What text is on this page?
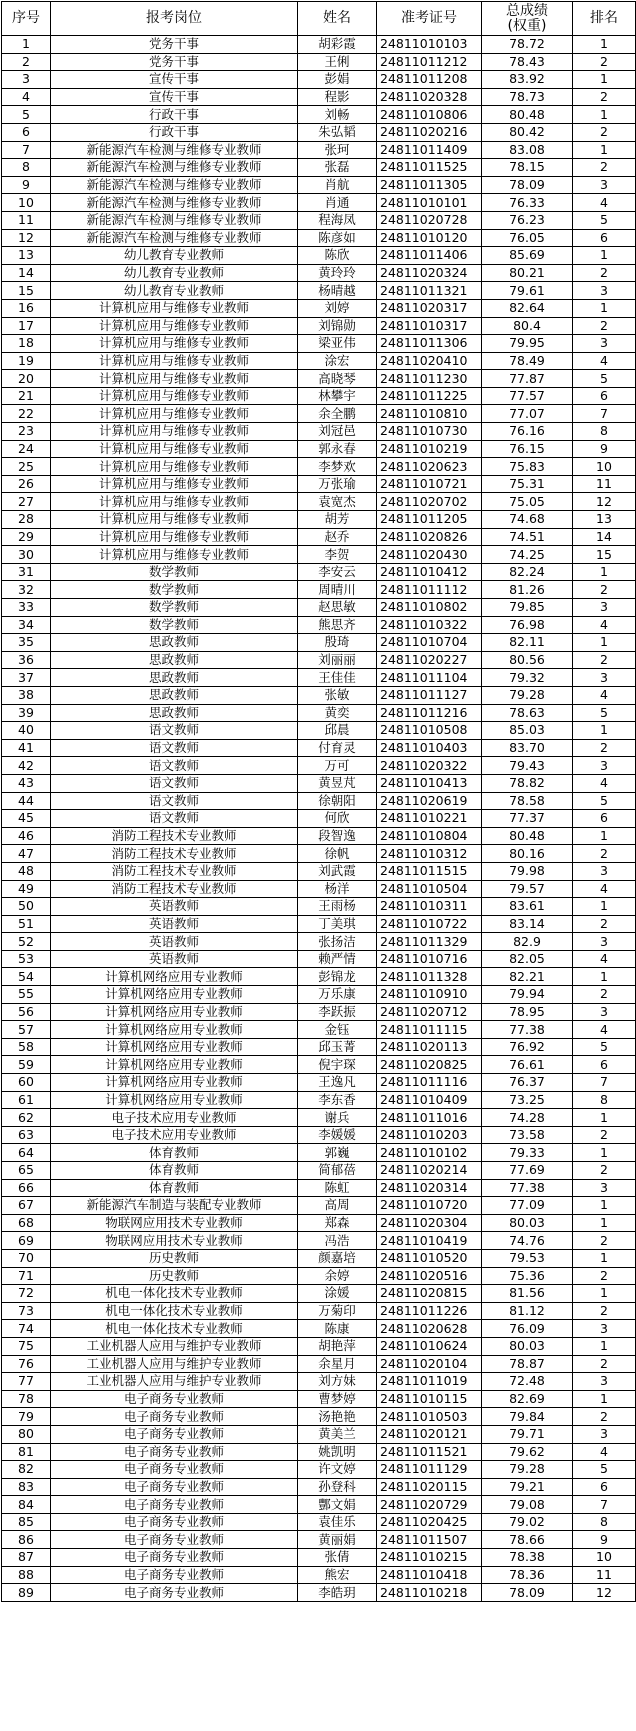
序号	报考岗位	姓名	准考证号	总成绩
(权重)	排名
1	党务干事	胡彩霞	24811010103	78.72	1
2	党务干事	王俐	24811011212	78.43	2
3	宣传干事	彭娟	24811011208	83.92	1
4	宣传干事	程影	24811020328	78.73	2
5	行政干事	刘畅	24811010806	80.48	1
6	行政干事	朱弘韬	24811020216	80.42	2
7	新能源汽车检测与维修专业教师	张珂	24811011409	83.08	1
8	新能源汽车检测与维修专业教师	张磊	24811011525	78.15	2
9	新能源汽车检测与维修专业教师	肖航	24811011305	78.09	3
10	新能源汽车检测与维修专业教师	肖通	24811010101	76.33	4
11	新能源汽车检测与维修专业教师	程海凤	24811020728	76.23	5
12	新能源汽车检测与维修专业教师	陈彦如	24811010120	76.05	6
13	幼儿教育专业教师	陈欣	24811011406	85.69	1
14	幼儿教育专业教师	黄玲玲	24811020324	80.21	2
15	幼儿教育专业教师	杨晴越	24811011321	79.61	3
16	计算机应用与维修专业教师	刘婷	24811020317	82.64	1
17	计算机应用与维修专业教师	刘锦勋	24811010317	80.4	2
18	计算机应用与维修专业教师	梁亚伟	24811011306	79.95	3
19	计算机应用与维修专业教师	涂宏	24811020410	78.49	4
20	计算机应用与维修专业教师	高晓琴	24811011230	77.87	5
21	计算机应用与维修专业教师	林攀宇	24811011225	77.57	6
22	计算机应用与维修专业教师	余全鹏	24811010810	77.07	7
23	计算机应用与维修专业教师	刘冠邑	24811010730	76.16	8
24	计算机应用与维修专业教师	郭永春	24811010219	76.15	9
25	计算机应用与维修专业教师	李梦欢	24811020623	75.83	10
26	计算机应用与维修专业教师	万张瑜	24811010721	75.31	11
27	计算机应用与维修专业教师	袁宽杰	24811020702	75.05	12
28	计算机应用与维修专业教师	胡芳	24811011205	74.68	13
29	计算机应用与维修专业教师	赵乔	24811020826	74.51	14
30	计算机应用与维修专业教师	李贺	24811020430	74.25	15
31	数学教师	李安云	24811010412	82.24	1
32	数学教师	周晴川	24811011112	81.26	2
33	数学教师	赵思敏	24811010802	79.85	3
34	数学教师	熊思齐	24811010322	76.98	4
35	思政教师	殷琦	24811010704	82.11	1
36	思政教师	刘丽丽	24811020227	80.56	2
37	思政教师	王佳佳	24811011104	79.32	3
38	思政教师	张敏	24811011127	79.28	4
39	思政教师	黄奕	24811011216	78.63	5
40	语文教师	邱晨	24811010508	85.03	1
41	语文教师	付育灵	24811010403	83.70	2
42	语文教师	万可	24811020322	79.43	3
43	语文教师	黄昱芃	24811010413	78.82	4
44	语文教师	徐朝阳	24811020619	78.58	5
45	语文教师	何欣	24811010221	77.37	6
46	消防工程技术专业教师	段智逸	24811010804	80.48	1
47	消防工程技术专业教师	徐帆	24811010312	80.16	2
48	消防工程技术专业教师	刘武霞	24811011515	79.98	3
49	消防工程技术专业教师	杨洋	24811010504	79.57	4
50	英语教师	王雨杨	24811010311	83.61	1
51	英语教师	丁美琪	24811010722	83.14	2
52	英语教师	张扬洁	24811011329	82.9	3
53	英语教师	赖严情	24811010716	82.05	4
54	计算机网络应用专业教师	彭锦龙	24811011328	82.21	1
55	计算机网络应用专业教师	万乐康	24811010910	79.94	2
56	计算机网络应用专业教师	李跃振	24811020712	78.95	3
57	计算机网络应用专业教师	金钰	24811011115	77.38	4
58	计算机网络应用专业教师	邱玉菁	24811020113	76.92	5
59	计算机网络应用专业教师	倪宇琛	24811020825	76.61	6
60	计算机网络应用专业教师	王逸凡	24811011116	76.37	7
61	计算机网络应用专业教师	李东香	24811010409	73.25	8
62	电子技术应用专业教师	谢兵	24811011016	74.28	1
63	电子技术应用专业教师	李媛媛	24811010203	73.58	2
64	体育教师	郭巍	24811010102	79.33	1
65	体育教师	简郁蓓	24811020214	77.69	2
66	体育教师	陈虹	24811020314	77.38	3
67	新能源汽车制造与装配专业教师	高周	24811010720	77.09	1
68	物联网应用技术专业教师	郑森	24811020304	80.03	1
69	物联网应用技术专业教师	冯浩	24811010419	74.76	2
70	历史教师	颜嘉培	24811010520	79.53	1
71	历史教师	余婷	24811020516	75.36	2
72	机电一体化技术专业教师	涂媛	24811020815	81.56	1
73	机电一体化技术专业教师	万菊印	24811011226	81.12	2
74	机电一体化技术专业教师	陈康	24811020628	76.09	3
75	工业机器人应用与维护专业教师	胡艳萍	24811010624	80.03	1
76	工业机器人应用与维护专业教师	余星月	24811020104	78.87	2
77	工业机器人应用与维护专业教师	刘方妹	24811011019	72.48	3
78	电子商务专业教师	曹梦婷	24811010115	82.69	1
79	电子商务专业教师	汤艳艳	24811010503	79.84	2
80	电子商务专业教师	黄美兰	24811020121	79.71	3
81	电子商务专业教师	姚凯明	24811011521	79.62	4
82	电子商务专业教师	许文婷	24811011129	79.28	5
83	电子商务专业教师	孙登科	24811020115	79.21	6
84	电子商务专业教师	酆文娟	24811020729	79.08	7
85	电子商务专业教师	袁佳乐	24811020425	79.02	8
86	电子商务专业教师	黄丽娟	24811011507	78.66	9
87	电子商务专业教师	张倩	24811010215	78.38	10
88	电子商务专业教师	熊宏	24811010418	78.36	11
89	电子商务专业教师	李皓玥	24811010218	78.09	12
